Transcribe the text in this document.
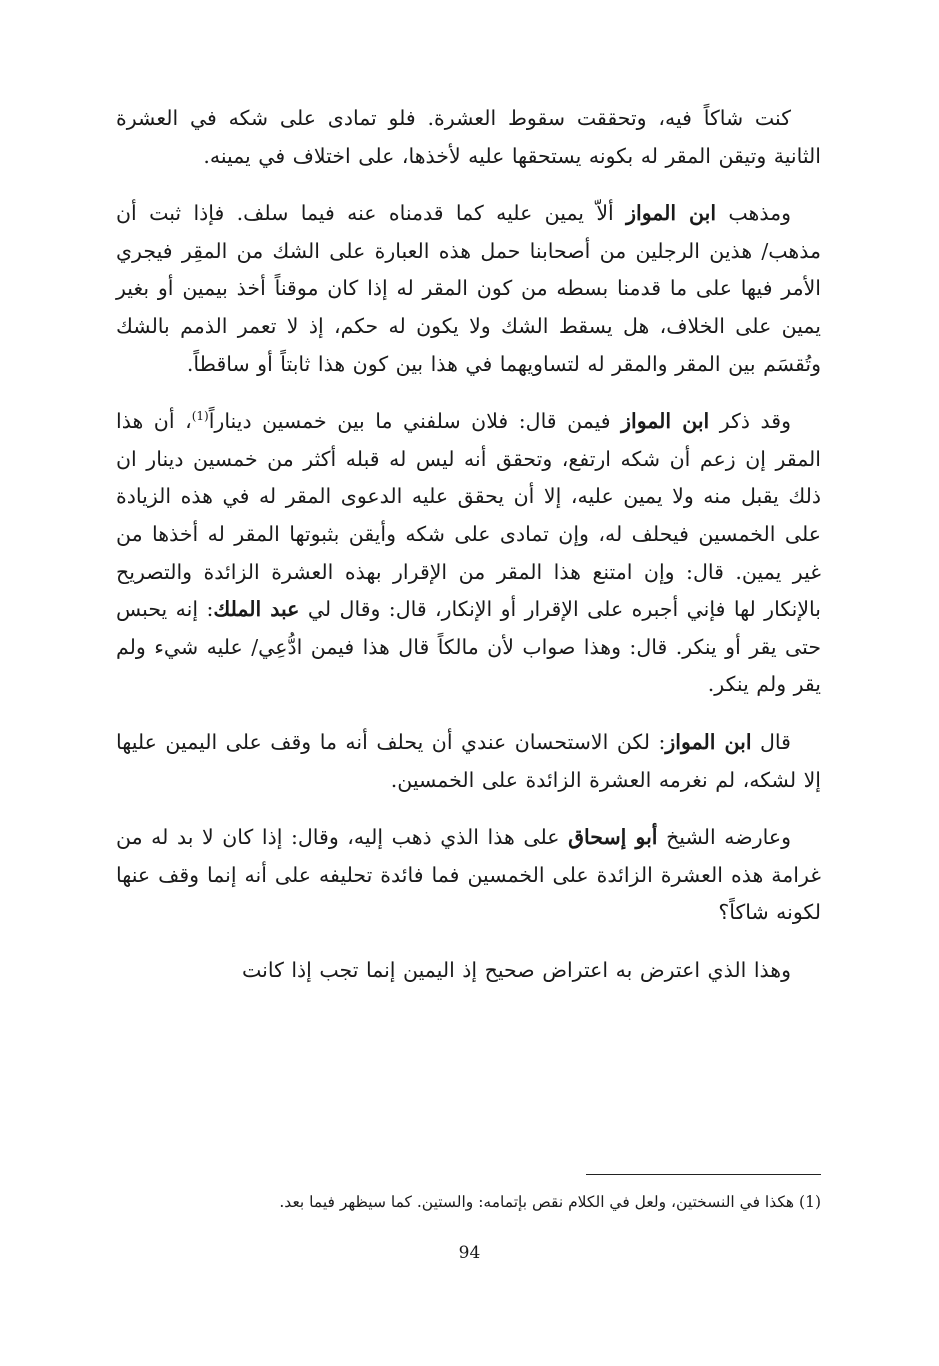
كنت شاكاً فيه، وتحققت سقوط العشرة. فلو تمادى على شكه في العشرة الثانية وتيقن المقر له بكونه يستحقها عليه لأخذها، على اختلاف في يمينه.

ومذهب ابن المواز ألاّ يمين عليه كما قدمناه عنه فيما سلف. فإذا ثبت أن مذهب/ هذين الرجلين من أصحابنا حمل هذه العبارة على الشك من المقِر فيجري الأمر فيها على ما قدمنا بسطه من كون المقر له إذا كان موقناً أخذ بيمين أو بغير يمين على الخلاف، هل يسقط الشك ولا يكون له حكم، إذ لا تعمر الذمم بالشك وتُقسَم بين المقر والمقر له لتساويهما في هذا بين كون هذا ثابتاً أو ساقطاً.

وقد ذكر ابن المواز فيمن قال: فلان سلفني ما بين خمسين ديناراً$^{(1)}$، أن هذا المقر إن زعم أن شكه ارتفع، وتحقق أنه ليس له قبله أكثر من خمسين دينار ان ذلك يقبل منه ولا يمين عليه، إلا أن يحقق عليه الدعوى المقر له في هذه الزيادة على الخمسين فيحلف له، وإن تمادى على شكه وأيقن بثبوتها المقر له أخذها من غير يمين. قال: وإن امتنع هذا المقر من الإقرار بهذه العشرة الزائدة والتصريح بالإنكار لها فإني أجبره على الإقرار أو الإنكار، قال: وقال لي عبد الملك: إنه يحبس حتى يقر أو ينكر. قال: وهذا صواب لأن مالكاً قال هذا فيمن ادُّعِي/ عليه شيء ولم يقر ولم ينكر.

قال ابن المواز: لكن الاستحسان عندي أن يحلف أنه ما وقف على اليمين عليها إلا لشكه، لم نغرمه العشرة الزائدة على الخمسين.

وعارضه الشيخ أبو إسحاق على هذا الذي ذهب إليه، وقال: إذا كان لا بد له من غرامة هذه العشرة الزائدة على الخمسين فما فائدة تحليفه على أنه إنما وقف عنها لكونه شاكاً؟

وهذا الذي اعترض به اعتراض صحيح إذ اليمين إنما تجب إذا كانت

(1) هكذا في النسختين، ولعل في الكلام نقص بإتمامه: والستين. كما سيظهر فيما بعد.
94
